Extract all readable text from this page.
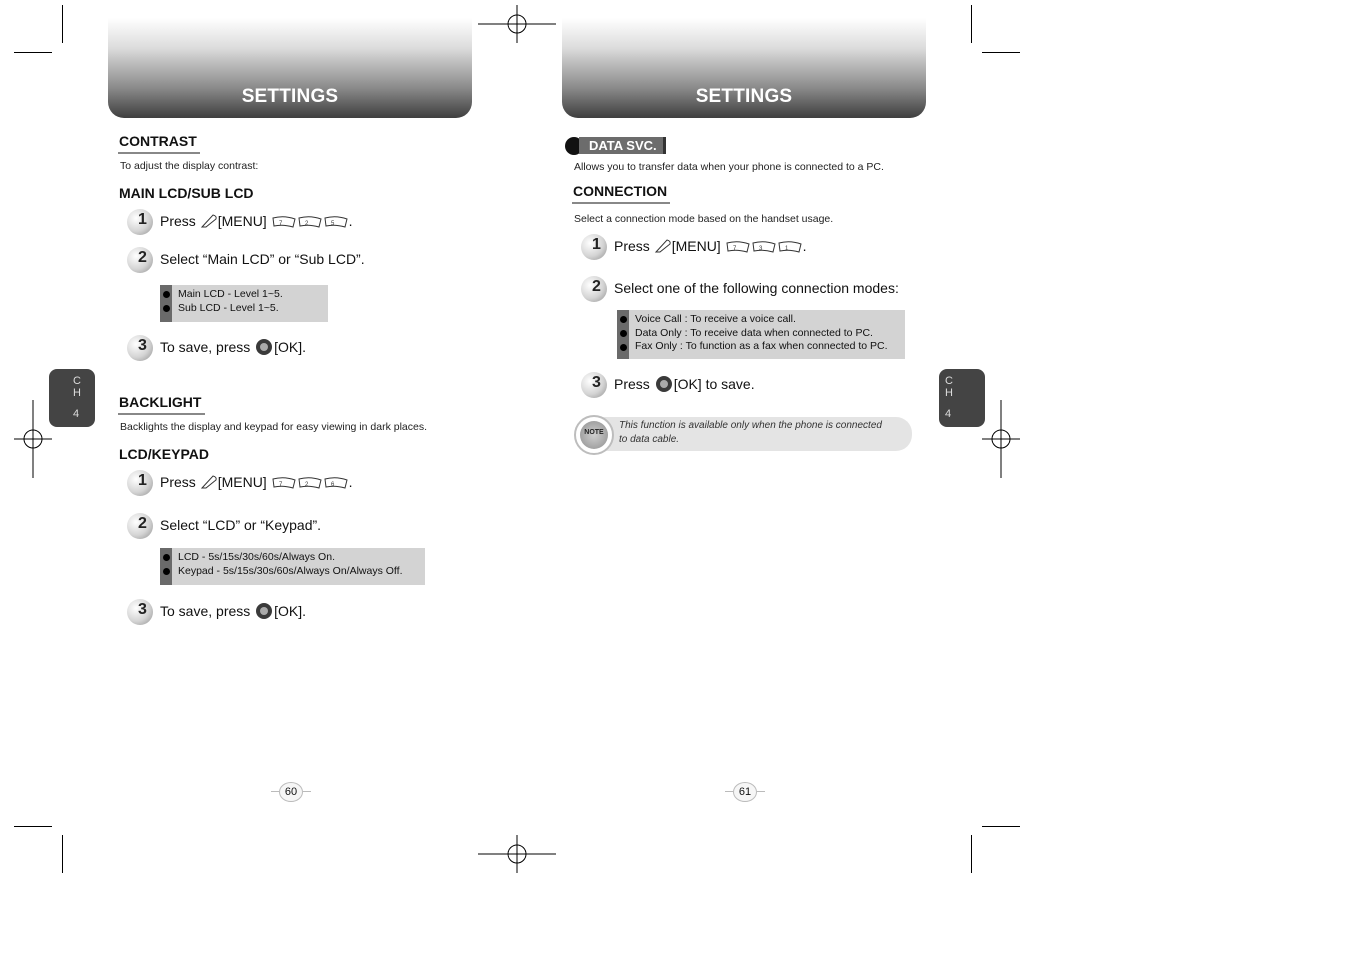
SETTINGS
CONTRAST
To adjust the display contrast:
MAIN LCD/SUB LCD
1 Press [MENU] 7	2	5 .
2 Select “Main LCD” or “Sub LCD”.
Main LCD - Level 1~5.
Sub LCD - Level 1~5.
3 To save, press [OK].
BACKLIGHT
Backlights the display and keypad for easy viewing in dark places.
LCD/KEYPAD
1 Press [MENU] 7	2	6 .
2 Select “LCD” or “Keypad”.
LCD - 5s/15s/30s/60s/Always On.
Keypad - 5s/15s/30s/60s/Always On/Always Off.
3 To save, press [OK].
C
H
4
60
SETTINGS
DATA SVC.
Allows you to transfer data when your phone is connected to a PC.
CONNECTION
Select a connection mode based on the handset usage.
1 Press [MENU] 7	3	1 .
2 Select one of the following connection modes:
Voice Call : To receive a voice call.
Data Only : To receive data when connected to PC.
Fax Only : To function as a fax when connected to PC.
3 Press [OK] to save.
NOTE
This function is available only when the phone is connected
to data cable.
C
H
4
61
